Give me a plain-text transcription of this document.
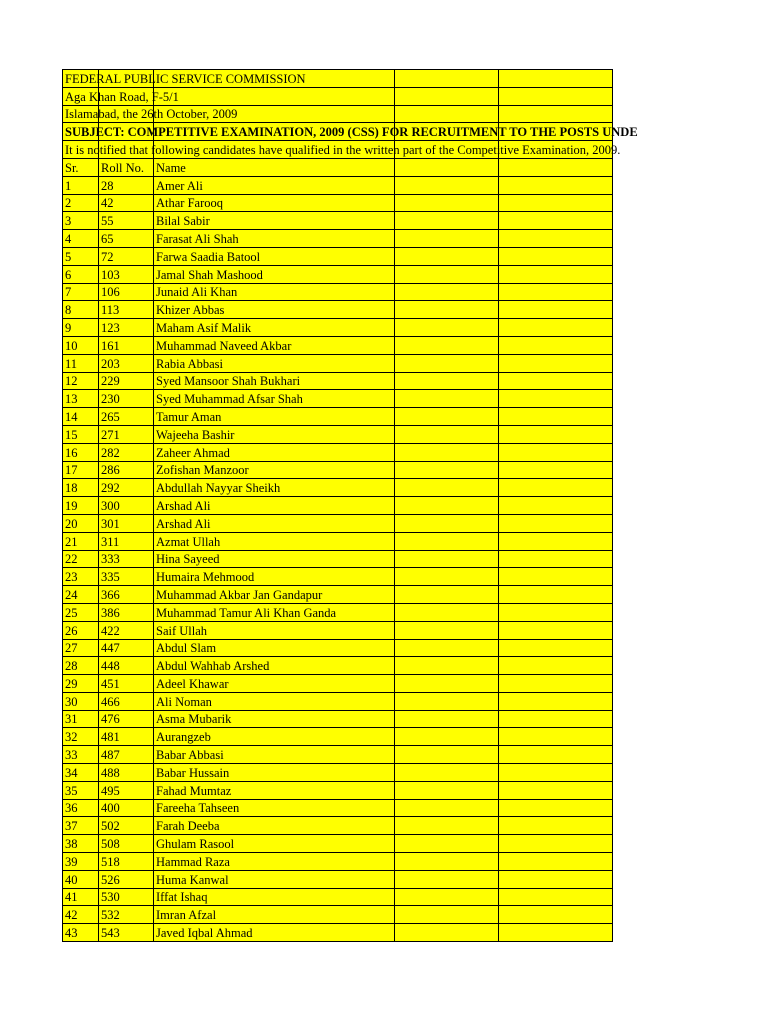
FEDERAL PUBLIC SERVICE COMMISSION				
Aga Khan Road, F-5/1				
Islamabad, the 26th October, 2009				
SUBJECT: COMPETITIVE EXAMINATION, 2009 (CSS) FOR RECRUITMENT TO THE POSTS UNDE				
It is notified that following candidates have qualified in the written part of the Competitive Examination, 2009.				
Sr.	Roll No.	Name		
1	28	Amer Ali		
2	42	Athar Farooq		
3	55	Bilal Sabir		
4	65	Farasat Ali Shah		
5	72	Farwa Saadia Batool		
6	103	Jamal Shah Mashood		
7	106	Junaid Ali Khan		
8	113	Khizer Abbas		
9	123	Maham Asif Malik		
10	161	Muhammad Naveed Akbar		
11	203	Rabia Abbasi		
12	229	Syed Mansoor Shah Bukhari		
13	230	Syed Muhammad Afsar Shah		
14	265	Tamur Aman		
15	271	Wajeeha Bashir		
16	282	Zaheer Ahmad		
17	286	Zofishan Manzoor		
18	292	Abdullah Nayyar Sheikh		
19	300	Arshad Ali		
20	301	Arshad Ali		
21	311	Azmat Ullah		
22	333	Hina Sayeed		
23	335	Humaira Mehmood		
24	366	Muhammad Akbar Jan Gandapur		
25	386	Muhammad Tamur Ali Khan Ganda		
26	422	Saif Ullah		
27	447	Abdul Slam		
28	448	Abdul Wahhab Arshed		
29	451	Adeel Khawar		
30	466	Ali Noman		
31	476	Asma Mubarik		
32	481	Aurangzeb		
33	487	Babar Abbasi		
34	488	Babar Hussain		
35	495	Fahad Mumtaz		
36	400	Fareeha Tahseen		
37	502	Farah Deeba		
38	508	Ghulam Rasool		
39	518	Hammad Raza		
40	526	Huma Kanwal		
41	530	Iffat Ishaq		
42	532	Imran Afzal		
43	543	Javed Iqbal Ahmad		
